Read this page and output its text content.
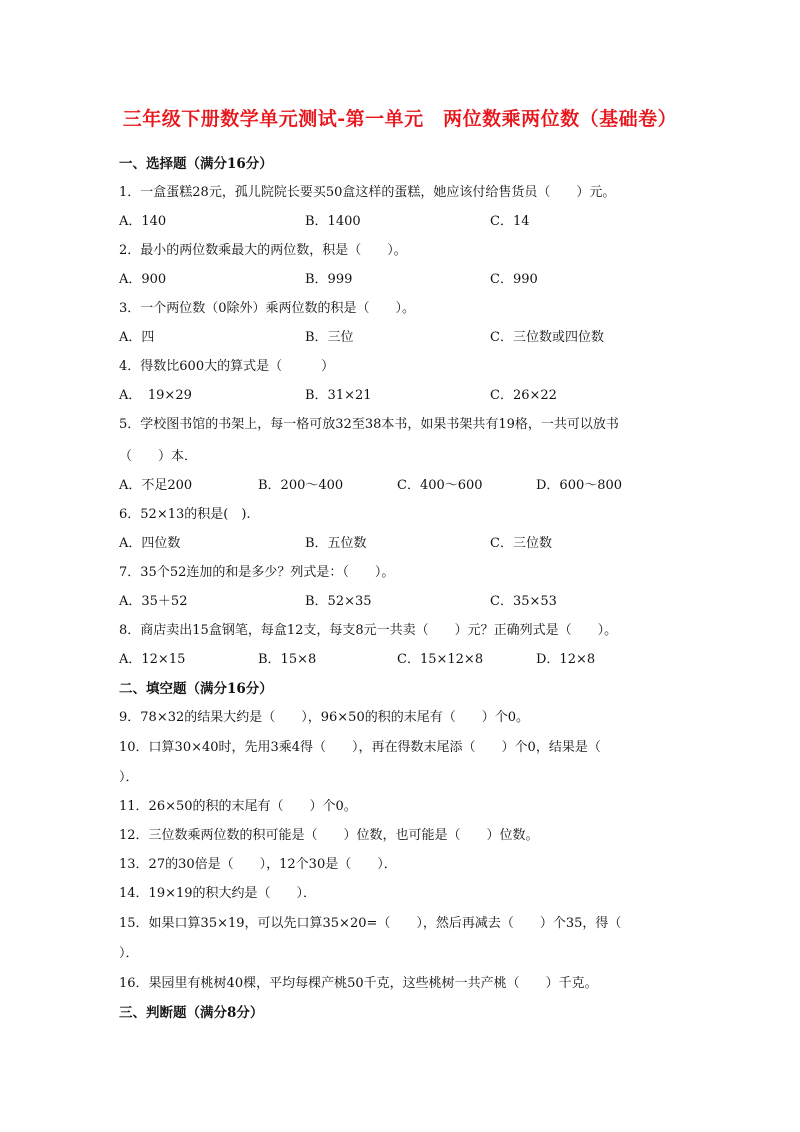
三年级下册数学单元测试-第一单元　两位数乘两位数（基础卷）
一、选择题（满分16分）
1．一盒蛋糕28元，孤儿院院长要买50盒这样的蛋糕，她应该付给售货员（　　）元。
A．140	B．1400	C．14
2．最小的两位数乘最大的两位数，积是（　　）。
A．900	B．999	C．990
3．一个两位数（0除外）乘两位数的积是（　　）。
A．四	B．三位	C．三位数或四位数
4．得数比600大的算式是（　　　）
A．　19×29	B．31×21	C．26×22
5．学校图书馆的书架上，每一格可放32至38本书，如果书架共有19格，一共可以放书
（　　）本．
A．不足200	B．200～400	C．400～600	D．600～800
6．52×13的积是(　).
A．四位数	B．五位数	C．三位数
7．35个52连加的和是多少？列式是：（　　）。
A．35＋52	B．52×35	C．35×53
8．商店卖出15盒钢笔，每盒12支，每支8元一共卖（　　）元？正确列式是（　　）。
A．12×15	B．15×8	C．15×12×8	D．12×8
二、填空题（满分16分）
9．78×32的结果大约是（　　），96×50的积的末尾有（　　）个0。
10．口算30×40时，先用3乘4得（　　），再在得数末尾添（　　）个0，结果是（
）．
11．26×50的积的末尾有（　　）个0。
12．三位数乘两位数的积可能是（　　）位数，也可能是（　　）位数。
13．27的30倍是（　　），12个30是（　　）．
14．19×19的积大约是（　　）．
15．如果口算35×19，可以先口算35×20=（　　），然后再减去（　　）个35，得（
）．
16．果园里有桃树40棵，平均每棵产桃50千克，这些桃树一共产桃（　　）千克。
三、判断题（满分8分）
